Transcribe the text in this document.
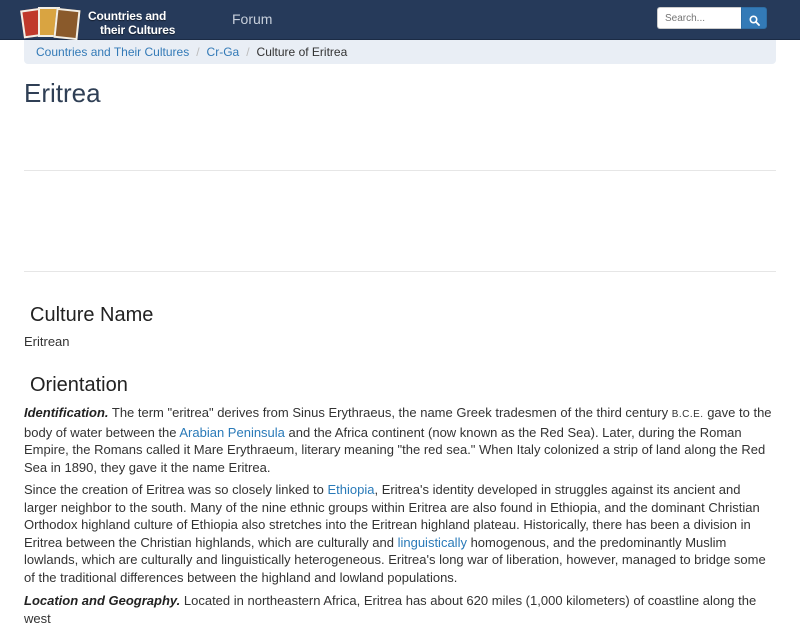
Countries and
their Cultures
Forum
Search...
Countries and Their Cultures / Cr-Ga / Culture of Eritrea
Eritrea
Culture Name

Eritrean

Orientation

Identification. The term "eritrea" derives from Sinus Erythraeus, the name Greek tradesmen of the third century B.C.E. gave to the body of water between the Arabian Peninsula and the Africa continent (now known as the Red Sea). Later, during the Roman Empire, the Romans called it Mare Erythraeum, literary meaning "the red sea." When Italy colonized a strip of land along the Red Sea in 1890, they gave it the name Eritrea.

Since the creation of Eritrea was so closely linked to Ethiopia, Eritrea's identity developed in struggles against its ancient and larger neighbor to the south. Many of the nine ethnic groups within Eritrea are also found in Ethiopia, and the dominant Christian Orthodox highland culture of Ethiopia also stretches into the Eritrean highland plateau. Historically, there has been a division in Eritrea between the Christian highlands, which are culturally and linguistically homogenous, and the predominantly Muslim lowlands, which are culturally and linguistically heterogeneous. Eritrea's long war of liberation, however, managed to bridge some of the traditional differences between the highland and lowland populations.

Location and Geography. Located in northeastern Africa, Eritrea has about 620 miles (1,000 kilometers) of coastline along the west
